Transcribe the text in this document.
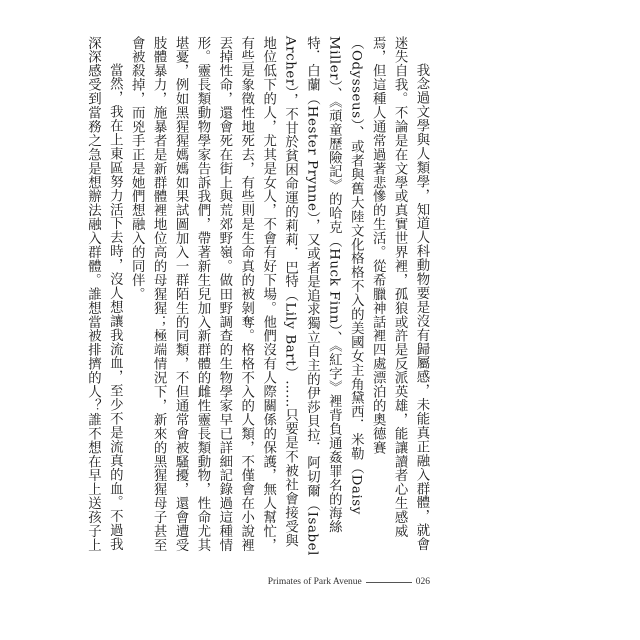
我念過文學與人類學，知道人科動物要是沒有歸屬感，未能真正融入群體，就會迷失自我。不論是在文學或真實世界裡，孤狼或許是反派英雄，能讓讀者心生感威焉，但這種人通常過著悲慘的生活。從希臘神話裡四處漂泊的奧德賽（Odysseus）、或者與舊大陸文化格格不入的美國女主角黛西．米勒（Daisy Miller）、《頑童歷險記》的哈克（Huck Finn）、《紅字》裡背負通姦罪名的海絲特．白蘭（Hester Prynne），又或者是追求獨立自主的伊莎貝拉．阿切爾（Isabel Archer），不甘於貧困命運的莉莉．巴特（Lily Bart）……只要是不被社會接受與地位低下的人，尤其是女人，不會有好下場。他們沒有人際關係的保護，無人幫忙，有些是象徵性地死去，有些則是生命真的被剝奪。格格不入的人類，不僅會在小說裡丟掉性命，還會死在街上與荒郊野嶺。做田野調查的生物學家早已詳細記錄過這種情形。靈長類動物學家告訴我們，帶著新生兒加入新群體的雌性靈長類動物，性命尤其堪憂，例如黑猩猩媽媽如果試圖加入一群陌生的同類，不但通常會被騷擾，還會遭受肢體暴力，施暴者是新群體裡地位高的母猩猩；極端情況下，新來的黑猩猩母子甚至會被殺掉，而兇手正是她們想融入的同伴。

當然，我在上東區努力活下去時，沒人想讓我流血，至少不是流真的血。不過我深深感受到當務之急是想辦法融入群體。誰想當被排擠的人？誰不想在早上送孩子上

Primates of Park Avenue	026
